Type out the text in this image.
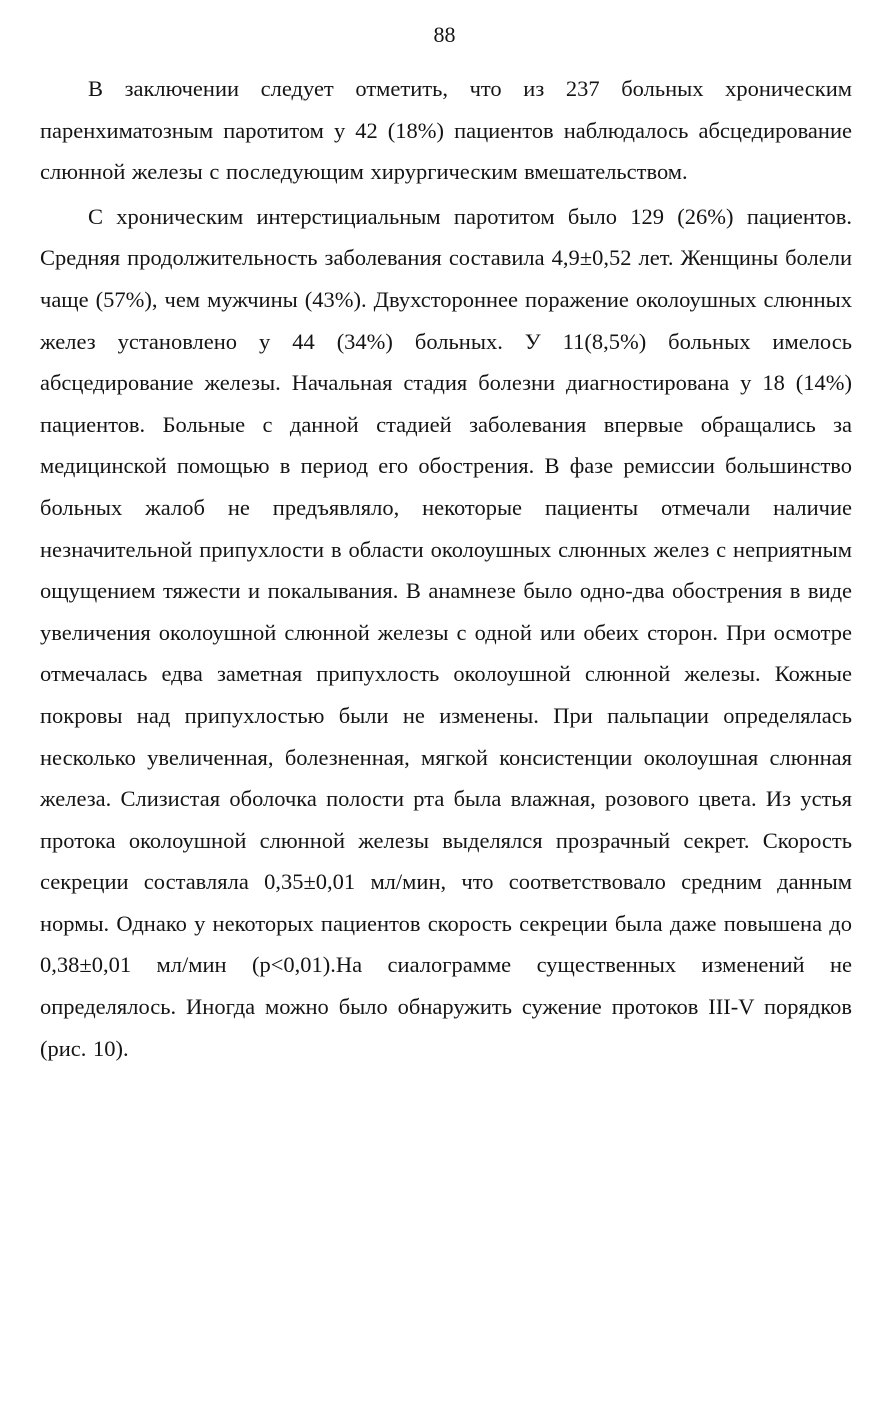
88

В заключении следует отметить, что из 237 больных хроническим паренхиматозным паротитом у 42 (18%) пациентов наблюдалось абсцедирование слюнной железы с последующим хирургическим вмешательством.

С хроническим интерстициальным паротитом было 129 (26%) пациентов. Средняя продолжительность заболевания составила 4,9±0,52 лет. Женщины болели чаще (57%), чем мужчины (43%). Двухстороннее поражение околоушных слюнных желез установлено у 44 (34%) больных. У 11(8,5%) больных имелось абсцедирование железы. Начальная стадия болезни диагностирована у 18 (14%) пациентов. Больные с данной стадией заболевания впервые обращались за медицинской помощью в период его обострения. В фазе ремиссии большинство больных жалоб не предъявляло, некоторые пациенты отмечали наличие незначительной припухлости в области околоушных слюнных желез с неприятным ощущением тяжести и покалывания. В анамнезе было одно-два обострения в виде увеличения околоушной слюнной железы с одной или обеих сторон. При осмотре отмечалась едва заметная припухлость околоушной слюнной железы. Кожные покровы над припухлостью были не изменены. При пальпации определялась несколько увеличенная, болезненная, мягкой консистенции околоушная слюнная железа. Слизистая оболочка полости рта была влажная, розового цвета. Из устья протока околоушной слюнной железы выделялся прозрачный секрет. Скорость секреции составляла 0,35±0,01 мл/мин, что соответствовало средним данным нормы. Однако у некоторых пациентов скорость секреции была даже повышена до 0,38±0,01 мл/мин (p<0,01).На сиалограмме существенных изменений не определялось. Иногда можно было обнаружить сужение протоков III-V порядков (рис. 10).
